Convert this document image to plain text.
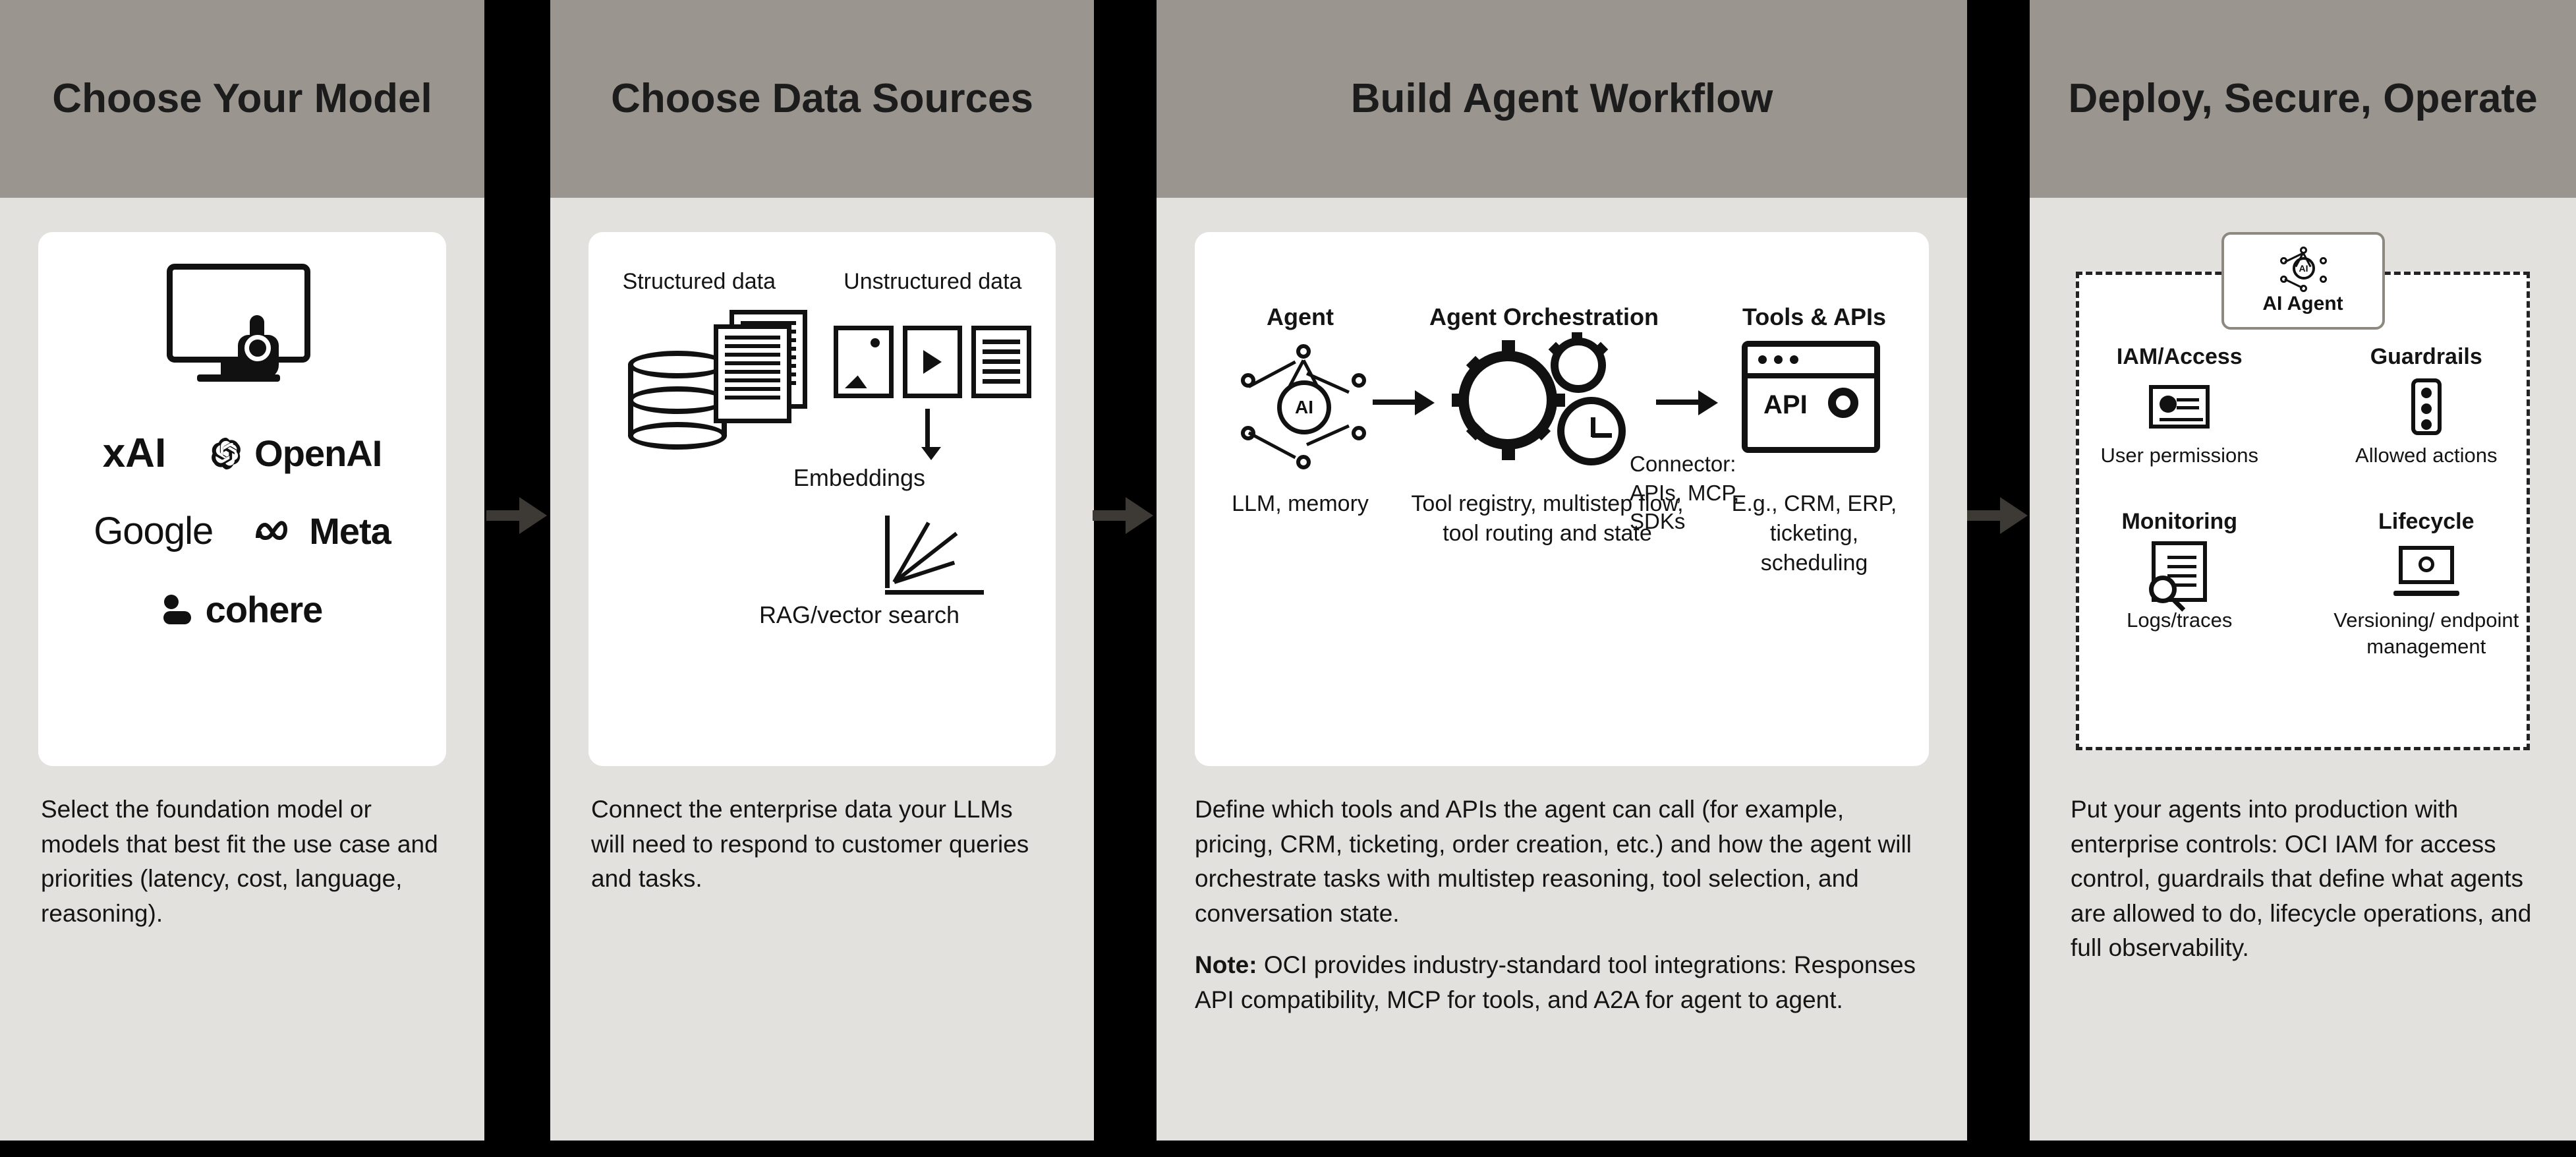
Choose Your Model
xAI OpenAI
Google	Meta
cohere

Select the foundation model or models that best fit the use case and priorities (latency, cost, language, reasoning).

Choose Data Sources
Structured data	Unstructured data
Embeddings
RAG/vector search

Connect the enterprise data your LLMs will need to respond to customer queries and tasks.

Build Agent Workflow
Agent	Agent Orchestration	Tools & APIs
AI
Connector: APIs, MCP, SDKs
API
LLM, memory	Tool registry, multistep flow, tool routing and state
E.g., CRM, ERP, ticketing, scheduling

Define which tools and APIs the agent can call (for example, pricing, CRM, ticketing, order creation, etc.) and how the agent will orchestrate tasks with multistep reasoning, tool selection, and conversation state.

Note: OCI provides industry-standard tool integrations: Responses API compatibility, MCP for tools, and A2A for agent to agent.

Deploy, Secure, Operate
AI
AI Agent
IAM/Access
User permissions
Guardrails
Allowed actions
Monitoring
Logs/traces
Lifecycle
Versioning/ endpoint management

Put your agents into production with enterprise controls: OCI IAM for access control, guardrails that define what agents are allowed to do, lifecycle operations, and full observability.
